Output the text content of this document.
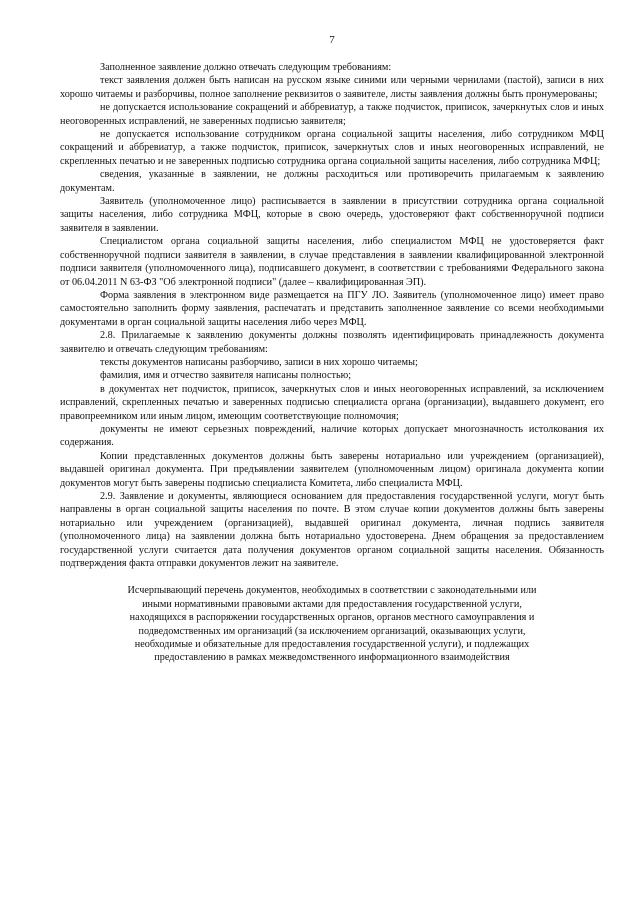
7

Заполненное заявление должно отвечать следующим требованиям:

текст заявления должен быть написан на русском языке синими или черными чернилами (пастой), записи в них хорошо читаемы и разборчивы, полное заполнение реквизитов о заявителе, листы заявления должны быть пронумерованы;

не допускается использование сокращений и аббревиатур, а также подчисток, приписок, зачеркнутых слов и иных неоговоренных исправлений, не заверенных подписью заявителя;

не допускается использование сотрудником органа социальной защиты населения, либо сотрудником МФЦ сокращений и аббревиатур, а также подчисток, приписок, зачеркнутых слов и иных неоговоренных исправлений, не скрепленных печатью и не заверенных подписью сотрудника органа социальной защиты населения, либо сотрудника МФЦ;

сведения, указанные в заявлении, не должны расходиться или противоречить прилагаемым к заявлению документам.

Заявитель (уполномоченное лицо) расписывается в заявлении в присутствии сотрудника органа социальной защиты населения, либо сотрудника МФЦ, которые в свою очередь, удостоверяют факт собственноручной подписи заявителя в заявлении.

Специалистом органа социальной защиты населения, либо специалистом МФЦ не удостоверяется факт собственноручной подписи заявителя в заявлении, в случае представления в заявлении квалифицированной электронной подписи заявителя (уполномоченного лица), подписавшего документ, в соответствии с требованиями Федерального закона от 06.04.2011 N 63-ФЗ "Об электронной подписи" (далее – квалифицированная ЭП).

Форма заявления в электронном виде размещается на ПГУ ЛО. Заявитель (уполномоченное лицо) имеет право самостоятельно заполнить форму заявления, распечатать и представить заполненное заявление со всеми необходимыми документами в орган социальной защиты населения либо через МФЦ.

2.8. Прилагаемые к заявлению документы должны позволять идентифицировать принадлежность документа заявителю и отвечать следующим требованиям:

тексты документов написаны разборчиво, записи в них хорошо читаемы;

фамилия, имя и отчество заявителя написаны полностью;

в документах нет подчисток, приписок, зачеркнутых слов и иных неоговоренных исправлений, за исключением исправлений, скрепленных печатью и заверенных подписью специалиста органа (организации), выдавшего документ, его правопреемником или иным лицом, имеющим соответствующие полномочия;

документы не имеют серьезных повреждений, наличие которых допускает многозначность истолкования их содержания.

Копии представленных документов должны быть заверены нотариально или учреждением (организацией), выдавшей оригинал документа. При предъявлении заявителем (уполномоченным лицом) оригинала документа копии документов могут быть заверены подписью специалиста Комитета, либо специалиста МФЦ.

2.9. Заявление и документы, являющиеся основанием для предоставления государственной услуги, могут быть направлены в орган социальной защиты населения по почте. В этом случае копии документов должны быть заверены нотариально или учреждением (организацией), выдавшей оригинал документа, личная подпись заявителя (уполномоченного лица) на заявлении должна быть нотариально удостоверена. Днем обращения за предоставлением государственной услуги считается дата получения документов органом социальной защиты населения. Обязанность подтверждения факта отправки документов лежит на заявителе.

Исчерпывающий перечень документов, необходимых в соответствии с законодательными или

иными нормативными правовыми актами для предоставления государственной услуги,

находящихся в распоряжении государственных органов, органов местного самоуправления и

подведомственных им организаций (за исключением организаций, оказывающих услуги,

необходимые и обязательные для предоставления государственной услуги), и подлежащих

предоставлению в рамках межведомственного информационного взаимодействия
